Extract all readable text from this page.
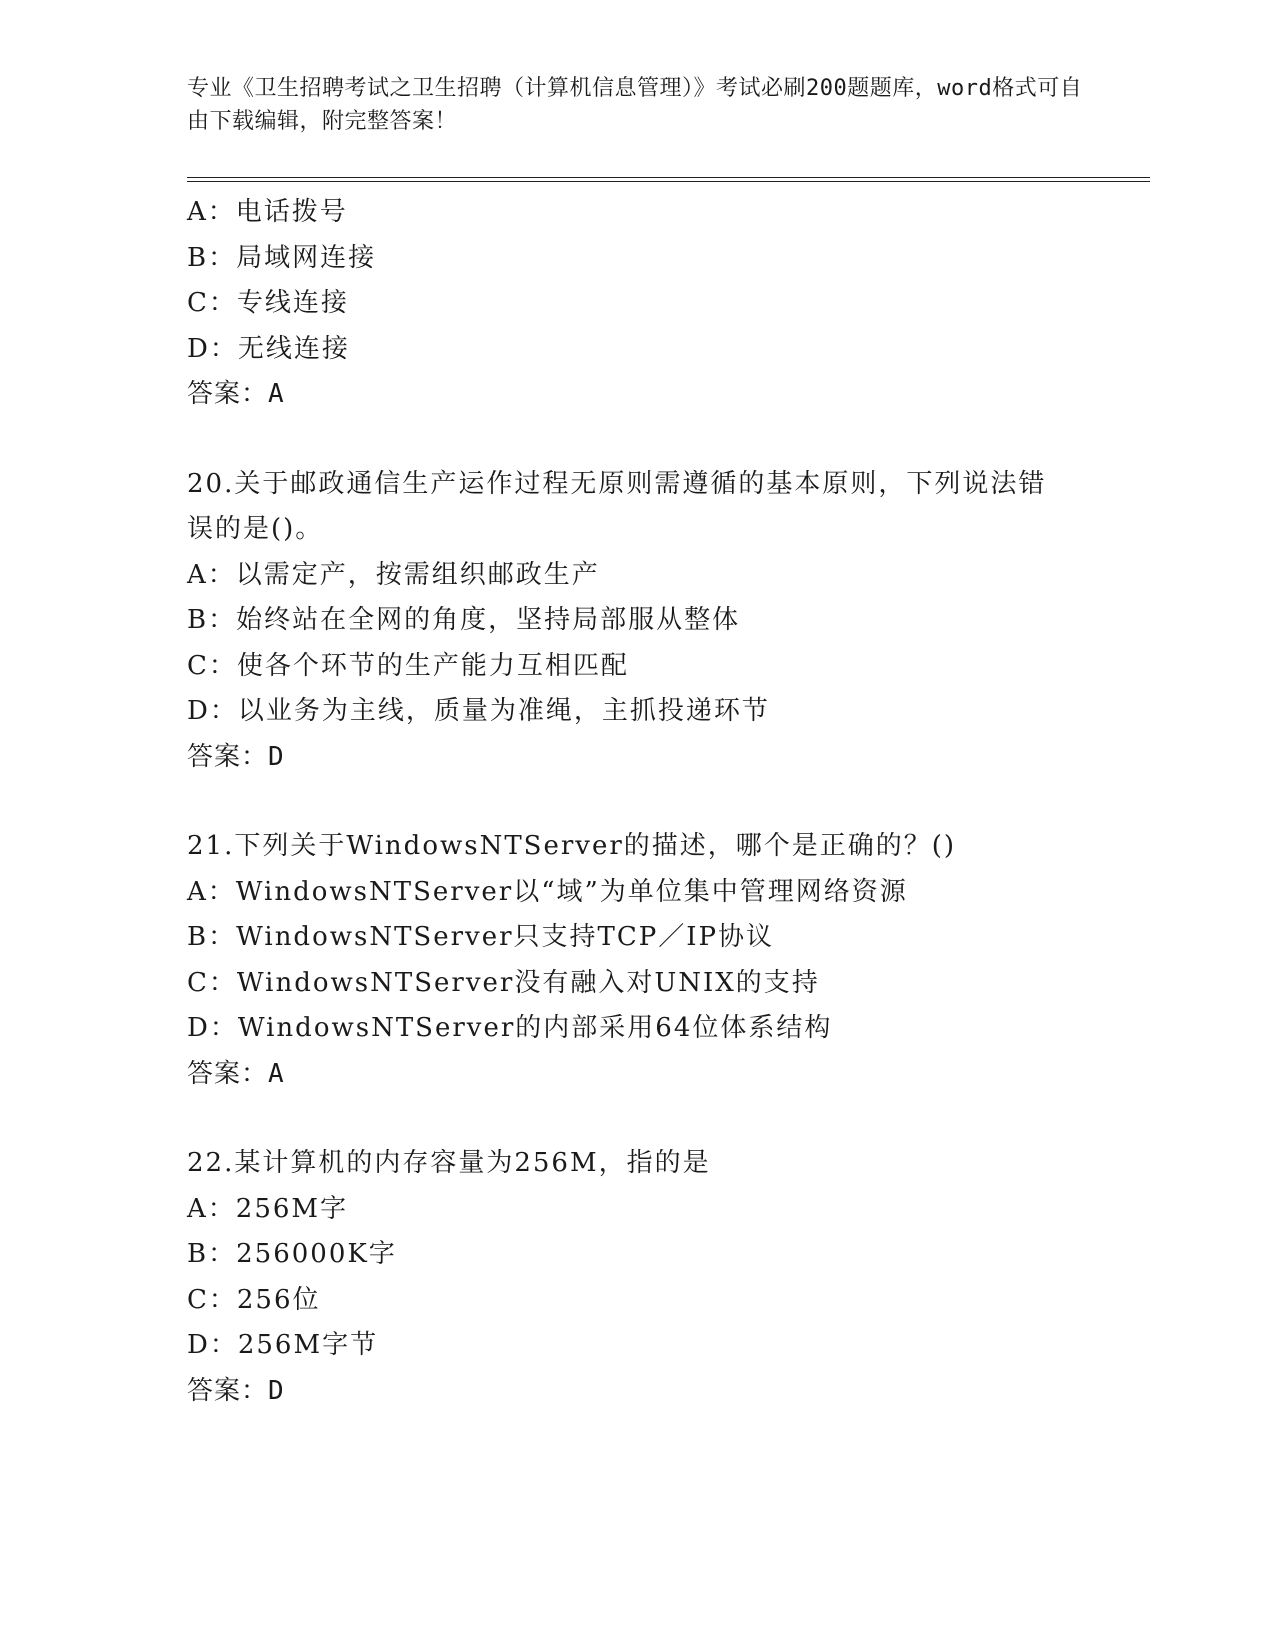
专业《卫生招聘考试之卫生招聘（计算机信息管理）》考试必刷200题题库，word格式可自由下载编辑，附完整答案！
A：电话拨号
B：局域网连接
C：专线连接
D：无线连接
答案：A
20.关于邮政通信生产运作过程无原则需遵循的基本原则，下列说法错误的是()。
A：以需定产，按需组织邮政生产
B：始终站在全网的角度，坚持局部服从整体
C：使各个环节的生产能力互相匹配
D：以业务为主线，质量为准绳，主抓投递环节
答案：D
21.下列关于WindowsNTServer的描述，哪个是正确的？()
A：WindowsNTServer以“域”为单位集中管理网络资源
B：WindowsNTServer只支持TCP／IP协议
C：WindowsNTServer没有融入对UNIX的支持
D：WindowsNTServer的内部采用64位体系结构
答案：A
22.某计算机的内存容量为256M，指的是
A：256M字
B：256000K字
C：256位
D：256M字节
答案：D
